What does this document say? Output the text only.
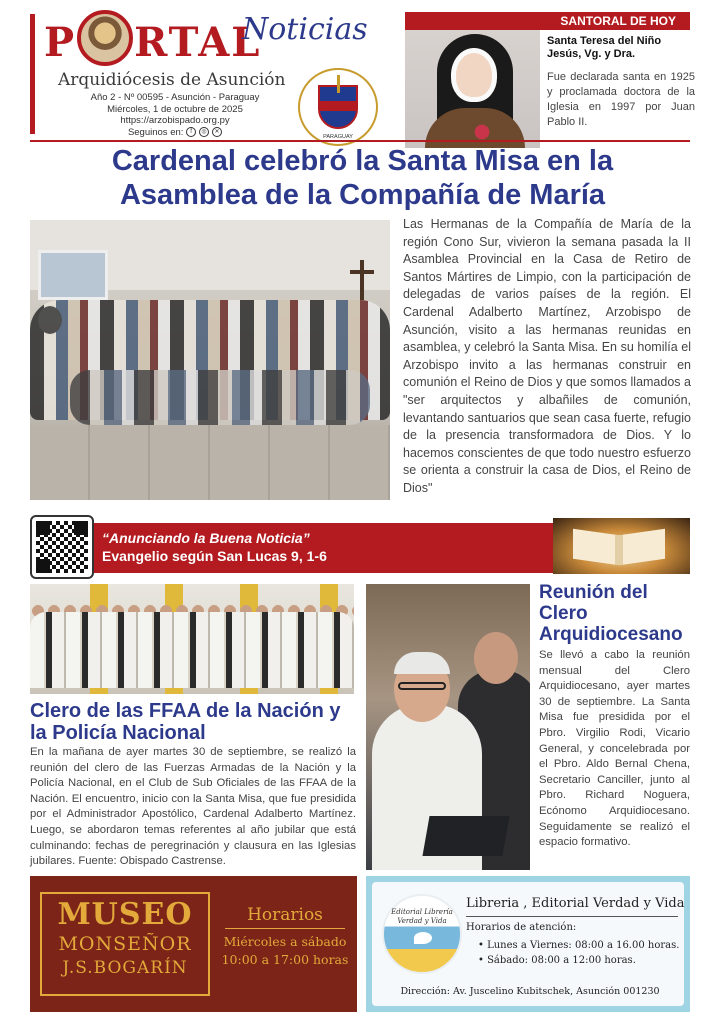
P RTAL
Noticias
Arquidiócesis de Asunción
Año 2 - Nº 00595 - Asunción - Paraguay
Miércoles, 1 de octubre de 2025
https://arzobispado.org.py
Seguinos en:	f	◎	✕
PARAGUAY
SANTORAL DE HOY
Santa Teresa del Niño Jesús, Vg. y Dra.
Fue declarada santa en 1925 y proclamada doctora de la Iglesia en 1997 por Juan Pablo II.
Cardenal celebró la Santa Misa en la Asamblea de la Compañía de María

Las Hermanas de la Compañía de María de la región Cono Sur, vivieron la semana pasada la II Asamblea Provincial en la Casa de Retiro de Santos Mártires de Limpio, con la participación de delegadas de varios países de la región. El Cardenal Adalberto Martínez, Arzobispo de Asunción, visito a las hermanas reunidas en asamblea, y celebró la Santa Misa. En su homilía el Arzobispo invito a las hermanas construir en comunión el Reino de Dios y que somos llamados a "ser arquitectos y albañiles de comunión, levantando santuarios que sean casa fuerte, refugio de la presencia transformadora de Dios. Y lo hacemos conscientes de que todo nuestro esfuerzo se orienta a construir la casa de Dios, el Reino de Dios"

“Anunciando la Buena Noticia”
Evangelio según San Lucas 9, 1-6
Clero de las FFAA de la Nación y la Policía Nacional

En la mañana de ayer martes 30 de septiembre, se realizó la reunión del clero de las Fuerzas Armadas de la Nación y la Policía Nacional, en el Club de Sub Oficiales de las FFAA de la Nación. El encuentro, inicio con la Santa Misa, que fue presidida por el Administrador Apostólico, Cardenal Adalberto Martínez. Luego, se abordaron temas referentes al año jubilar que está culminando: fechas de peregrinación y clausura en las Iglesias jubilares. Fuente: Obispado Castrense.

Reunión del Clero Arquidiocesano

Se llevó a cabo la reunión mensual del Clero Arquidiocesano, ayer martes 30 de septiembre. La Santa Misa fue presidida por el Pbro. Virgilio Rodi, Vicario General, y concelebrada por el Pbro. Aldo Bernal Chena, Secretario Canciller, junto al Pbro. Richard Noguera, Ecónomo Arquidiocesano. Seguidamente se realizó el espacio formativo.

MUSEO
MONSEÑOR
J.S.BOGARÍN
Horarios
Miércoles a sábado
10:00 a 17:00 horas
Editorial Librería
Verdad y Vida
Libreria , Editorial Verdad y Vida
Horarios de atención:
• Lunes a Viernes: 08:00 a 16.00 horas.
• Sábado: 08:00 a 12:00 horas.
Dirección: Av. Juscelino Kubitschek, Asunción 001230
